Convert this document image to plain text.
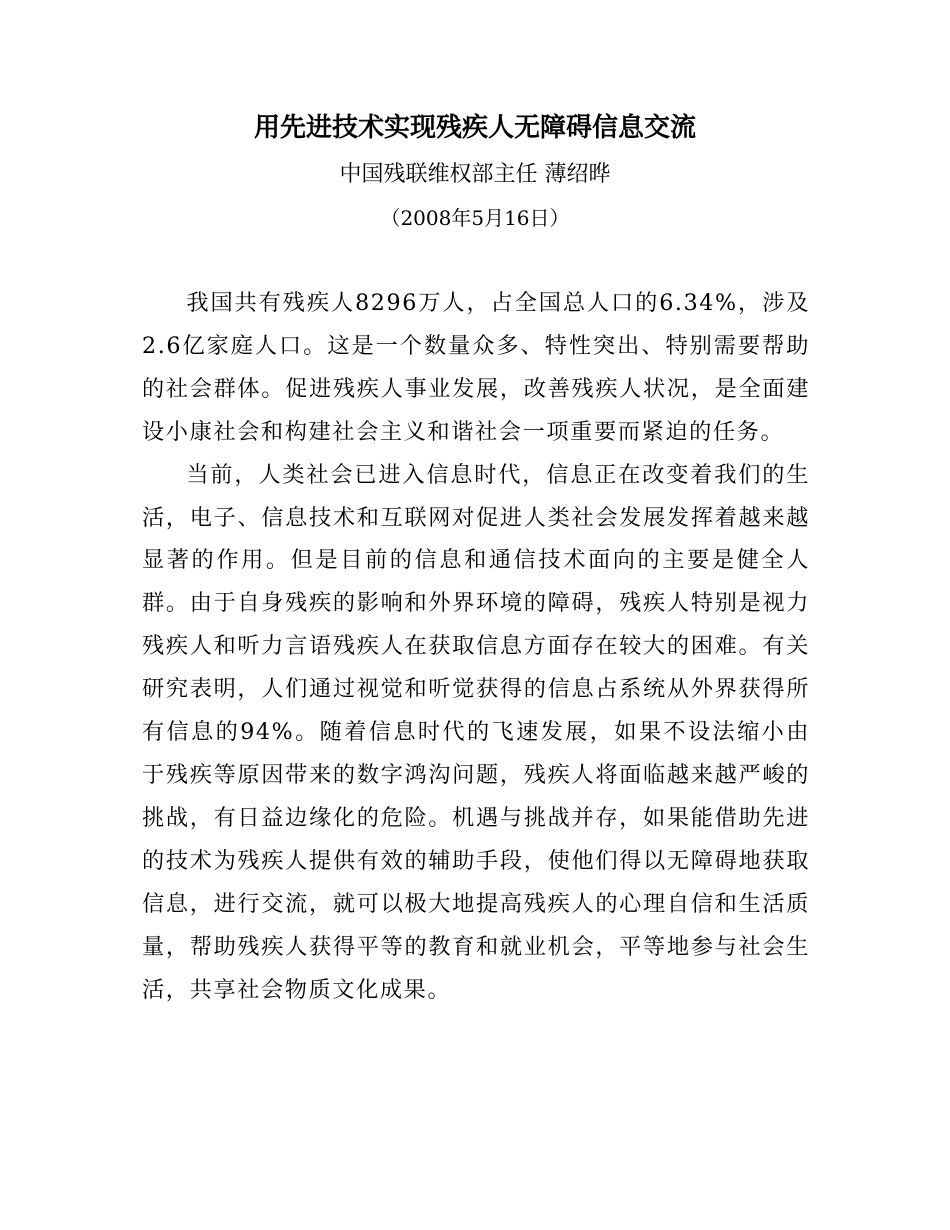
用先进技术实现残疾人无障碍信息交流
中国残联维权部主任 薄绍晔
（2008年5月16日）

我国共有残疾人8296万人，占全国总人口的6.34%，涉及2.6亿家庭人口。这是一个数量众多、特性突出、特别需要帮助的社会群体。促进残疾人事业发展，改善残疾人状况，是全面建设小康社会和构建社会主义和谐社会一项重要而紧迫的任务。

当前，人类社会已进入信息时代，信息正在改变着我们的生活，电子、信息技术和互联网对促进人类社会发展发挥着越来越显著的作用。但是目前的信息和通信技术面向的主要是健全人群。由于自身残疾的影响和外界环境的障碍，残疾人特别是视力残疾人和听力言语残疾人在获取信息方面存在较大的困难。有关研究表明，人们通过视觉和听觉获得的信息占系统从外界获得所有信息的94%。随着信息时代的飞速发展，如果不设法缩小由于残疾等原因带来的数字鸿沟问题，残疾人将面临越来越严峻的挑战，有日益边缘化的危险。机遇与挑战并存，如果能借助先进的技术为残疾人提供有效的辅助手段，使他们得以无障碍地获取信息，进行交流，就可以极大地提高残疾人的心理自信和生活质量，帮助残疾人获得平等的教育和就业机会，平等地参与社会生活，共享社会物质文化成果。
